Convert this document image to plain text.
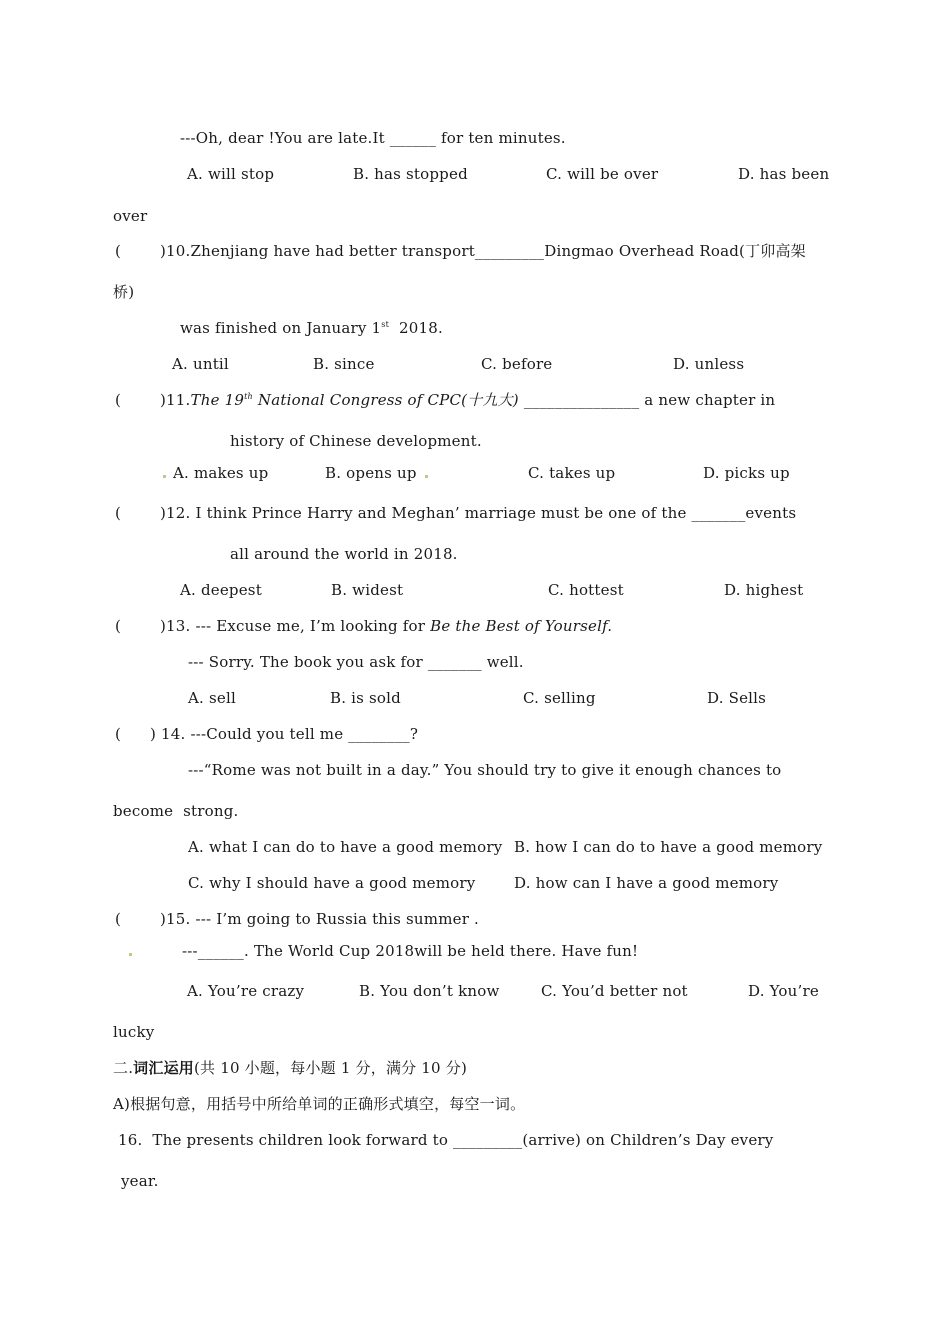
---Oh, dear !You are late.It ______ for ten minutes.
A. will stop	B. has stopped	C. will be over	D. has been
over
(	)10.Zhenjiang have had better transport_________Dingmao Overhead Road(丁卯高架
桥)
was finished on January 1st  2018.
A. until	B. since	C. before	D. unless
(	)11.The 19th National Congress of CPC(十九大) _______________ a new chapter in
history of Chinese development.
A. makes up	B. opens up	C. takes up	D. picks up
(	)12. I think Prince Harry and Meghan’ marriage must be one of the _______events
all around the world in 2018.
A. deepest	B. widest	C. hottest	D. highest
(	)13. --- Excuse me, I’m looking for Be the Best of Yourself.
--- Sorry. The book you ask for _______ well.
A. sell	B. is sold	C. selling	D. Sells
( ) 14. ---Could you tell me ________?
---“Rome was not built in a day.” You should try to give it enough chances to
become  strong.
A. what I can do to have a good memory B. how I can do to have a good memory
C. why I should have a good memory	D. how can I have a good memory
(	)15. --- I’m going to Russia this summer .
---______. The World Cup 2018will be held there. Have fun!
A. You’re crazy	B. You don’t know	C. You’d better not	D. You’re
lucky
二.词汇运用(共 10 小题，每小题 1 分，满分 10 分)
A)根据句意，用括号中所给单词的正确形式填空，每空一词。
16.  The presents children look forward to _________(arrive) on Children’s Day every
year.
